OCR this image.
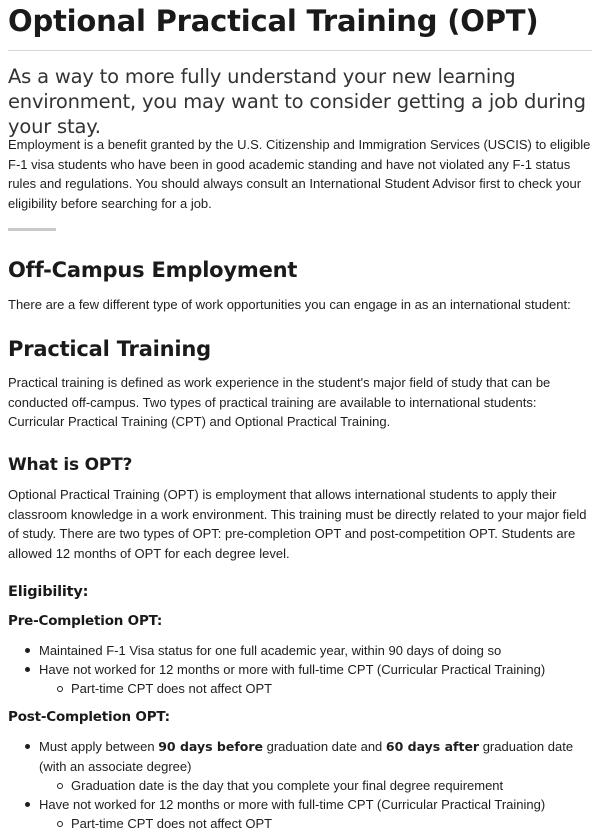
Optional Practical Training (OPT)

As a way to more fully understand your new learning environment, you may want to consider getting a job during your stay.

Employment is a benefit granted by the U.S. Citizenship and Immigration Services (USCIS) to eligible F-1 visa students who have been in good academic standing and have not violated any F-1 status rules and regulations. You should always consult an International Student Advisor first to check your eligibility before searching for a job.

Off-Campus Employment

There are a few different type of work opportunities you can engage in as an international student:

Practical Training

Practical training is defined as work experience in the student's major field of study that can be conducted off-campus. Two types of practical training are available to international students: Curricular Practical Training (CPT) and Optional Practical Training.

What is OPT?

Optional Practical Training (OPT) is employment that allows international students to apply their classroom knowledge in a work environment. This training must be directly related to your major field of study. There are two types of OPT: pre-completion OPT and post-competition OPT. Students are allowed 12 months of OPT for each degree level.

Eligibility:
Pre-Completion OPT:
Maintained F-1 Visa status for one full academic year, within 90 days of doing so
Have not worked for 12 months or more with full-time CPT (Curricular Practical Training)
Part-time CPT does not affect OPT
Post-Completion OPT:
Must apply between 90 days before graduation date and 60 days after graduation date (with an associate degree)
Graduation date is the day that you complete your final degree requirement
Have not worked for 12 months or more with full-time CPT (Curricular Practical Training)
Part-time CPT does not affect OPT
